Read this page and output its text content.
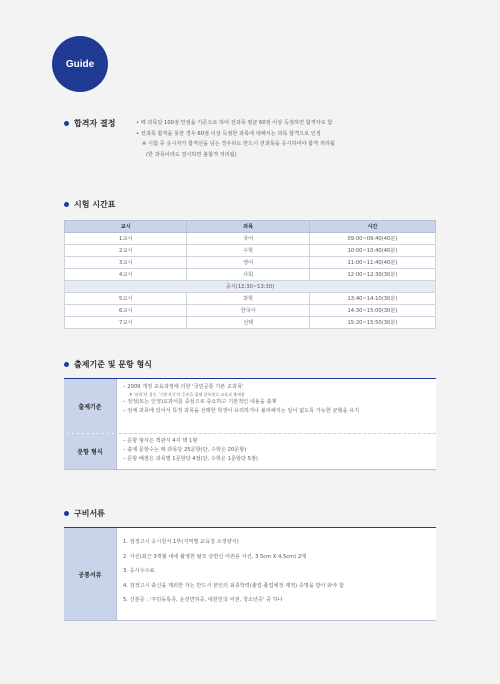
Guide
합격자 결정	• 매 과목당 100점 만점을 기준으로 하여 전과목 평균 60점 이상 득점하면 합격자로 함
• 전과목 합격을 못한 경우 60점 이상 득점한 과목에 대해서는 과목 합격으로 인정
※ 시험 중 응시자가 합격선을 넘는 경우라도 반드시 전과목을 응시하여야 합격 처리됨
(한 과목이라도 결시하면 불합격 처리됨)
시험 시간표
교시	과목	시간
1교시	국어	09:00~09:40(40분)
2교시	수학	10:00~10:40(40분)
3교시	영어	11:00~11:40(40분)
4교시	사회	12:00~12:30(30분)
중식(12:30~13:30)		
5교시	과학	13:40~14:10(30분)
6교시	한국사	14:30~15:00(30분)
7교시	선택	15:20~15:50(30분)
출제기준 및 문항 형식
출제기준
– 2009 개정 교육과정에 의한 '국민공통 기본 교과목'
※ '과학'의 경우, '기본지식'의 응용을 위해 블록별로 교육과 출제함
– 검정(또는 인정)교과서를 중심으로 중요하고 기본적인 내용을 출제
– 전체 과목에 있어서 특정 과목을 선택한 학생이 유리하거나 불리해지는 일이 없도록 가능한 균형을 유지
문항 형식
– 문항 형식은 객관식 4지 택 1형
– 출제 문항수는 매 과목당 25문항(단, 수학은 20문항)
– 문항 배점은 과목별 1문항당 4점(단, 수학은 1문항당 5점)
구비서류
공통서류
1. 검정고시 응시원서 1부(지역별 교육청 소정양식)
2. 사진(최근 3개월 내에 촬영한 탈모 상반신 여권용 사진, 3.5cm X 4.5cm) 2매
3. 응시수수료
4. 검정고시 출신을 제외한 자는 반드시 본인의 최종학력(졸업·졸업예정·제적) 증명을 받아 와야 함
5. 신분증 : '주민등록증, 운전면허증, 대한민국 여권, 청소년증' 중 하나
